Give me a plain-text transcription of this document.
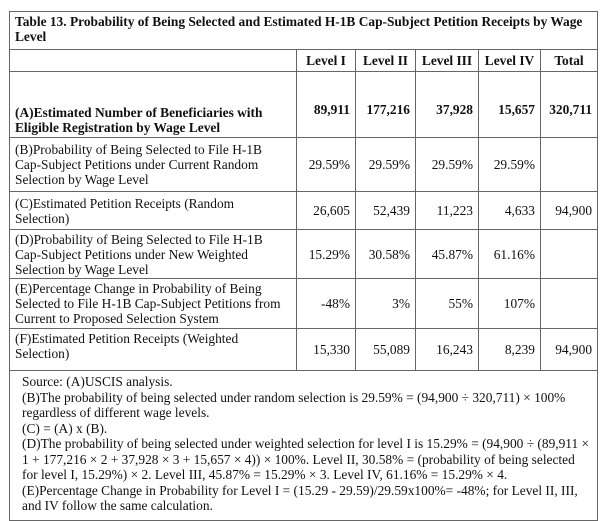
Table 13. Probability of Being Selected and Estimated H-1B Cap-Subject Petition Receipts by Wage Level					
	Level I	Level II	Level III	Level IV	Total
(A)Estimated Number of Beneficiaries with Eligible Registration by Wage Level	89,911	177,216	37,928	15,657	320,711
(B)Probability of Being Selected to File H-1B Cap-Subject Petitions under Current Random Selection by Wage Level	29.59%	29.59%	29.59%	29.59%	
(C)Estimated Petition Receipts (Random Selection)	26,605	52,439	11,223	4,633	94,900
(D)Probability of Being Selected to File H-1B Cap-Subject Petitions under New Weighted Selection by Wage Level	15.29%	30.58%	45.87%	61.16%	
(E)Percentage Change in Probability of Being Selected to File H-1B Cap-Subject Petitions from Current to Proposed Selection System	-48%	3%	55%	107%	
(F)Estimated Petition Receipts (Weighted Selection)	15,330	55,089	16,243	8,239	94,900

Source: (A)USCIS analysis.
(B)The probability of being selected under random selection is 29.59% = (94,900 ÷ 320,711) × 100% regardless of different wage levels.
(C) = (A) x (B).
(D)The probability of being selected under weighted selection for level I is 15.29% = (94,900 ÷ (89,911 × 1 + 177,216 × 2 + 37,928 × 3 + 15,657 × 4)) × 100%. Level II, 30.58% = (probability of being selected for level I, 15.29%) × 2. Level III, 45.87% = 15.29% × 3. Level IV, 61.16% = 15.29% × 4.
(E)Percentage Change in Probability for Level I = (15.29 - 29.59)/29.59x100%= -48%; for Level II, III, and IV follow the same calculation.					
